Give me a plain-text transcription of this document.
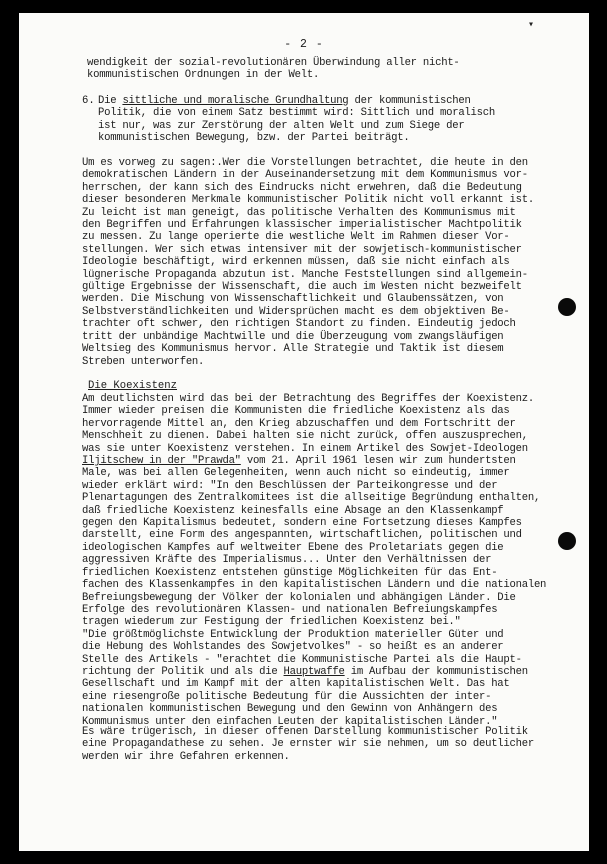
▾
- 2 -
wendigkeit der sozial-revolutionären Überwindung aller nicht-
kommunistischen Ordnungen in der Welt.
6. Die sittliche und moralische Grundhaltung der kommunistischen
Politik, die von einem Satz bestimmt wird: Sittlich und moralisch
ist nur, was zur Zerstörung der alten Welt und zum Siege der
kommunistischen Bewegung, bzw. der Partei beiträgt.
Um es vorweg zu sagen:.Wer die Vorstellungen betrachtet, die heute in den
demokratischen Ländern in der Auseinandersetzung mit dem Kommunismus vor-
herrschen, der kann sich des Eindrucks nicht erwehren, daß die Bedeutung
dieser besonderen Merkmale kommunistischer Politik nicht voll erkannt ist.
Zu leicht ist man geneigt, das politische Verhalten des Kommunismus mit
den Begriffen und Erfahrungen klassischer imperialistischer Machtpolitik
zu messen. Zu lange operierte die westliche Welt im Rahmen dieser Vor-
stellungen. Wer sich etwas intensiver mit der sowjetisch-kommunistischer
Ideologie beschäftigt, wird erkennen müssen, daß sie nicht einfach als
lügnerische Propaganda abzutun ist. Manche Feststellungen sind allgemein-
gültige Ergebnisse der Wissenschaft, die auch im Westen nicht bezweifelt
werden. Die Mischung von Wissenschaftlichkeit und Glaubenssätzen, von
Selbstverständlichkeiten und Widersprüchen macht es dem objektiven Be-
trachter oft schwer, den richtigen Standort zu finden. Eindeutig jedoch
tritt der unbändige Machtwille und die Überzeugung vom zwangsläufigen
Weltsieg des Kommunismus hervor. Alle Strategie und Taktik ist diesem
Streben unterworfen.
Die Koexistenz
Am deutlichsten wird das bei der Betrachtung des Begriffes der Koexistenz.
Immer wieder preisen die Kommunisten die friedliche Koexistenz als das
hervorragende Mittel an, den Krieg abzuschaffen und dem Fortschritt der
Menschheit zu dienen. Dabei halten sie nicht zurück, offen auszusprechen,
was sie unter Koexistenz verstehen. In einem Artikel des Sowjet-Ideologen
Iljitschew in der "Prawda" vom 21. April 1961 lesen wir zum hundertsten
Male, was bei allen Gelegenheiten, wenn auch nicht so eindeutig, immer
wieder erklärt wird: "In den Beschlüssen der Parteikongresse und der
Plenartagungen des Zentralkomitees ist die allseitige Begründung enthalten,
daß friedliche Koexistenz keinesfalls eine Absage an den Klassenkampf
gegen den Kapitalismus bedeutet, sondern eine Fortsetzung dieses Kampfes
darstellt, eine Form des angespannten, wirtschaftlichen, politischen und
ideologischen Kampfes auf weltweiter Ebene des Proletariats gegen die
aggressiven Kräfte des Imperialismus... Unter den Verhältnissen der
friedlichen Koexistenz entstehen günstige Möglichkeiten für das Ent-
fachen des Klassenkampfes in den kapitalistischen Ländern und die nationalen
Befreiungsbewegung der Völker der kolonialen und abhängigen Länder. Die
Erfolge des revolutionären Klassen- und nationalen Befreiungskampfes
tragen wiederum zur Festigung der friedlichen Koexistenz bei."
"Die größtmöglichste Entwicklung der Produktion materieller Güter und
die Hebung des Wohlstandes des Sowjetvolkes" - so heißt es an anderer
Stelle des Artikels - "erachtet die Kommunistische Partei als die Haupt-
richtung der Politik und als die Hauptwaffe im Aufbau der kommunistischen
Gesellschaft und im Kampf mit der alten kapitalistischen Welt. Das hat
eine riesengroße politische Bedeutung für die Aussichten der inter-
nationalen kommunistischen Bewegung und den Gewinn von Anhängern des
Kommunismus unter den einfachen Leuten der kapitalistischen Länder."
Es wäre trügerisch, in dieser offenen Darstellung kommunistischer Politik
eine Propagandathese zu sehen. Je ernster wir sie nehmen, um so deutlicher
werden wir ihre Gefahren erkennen.
